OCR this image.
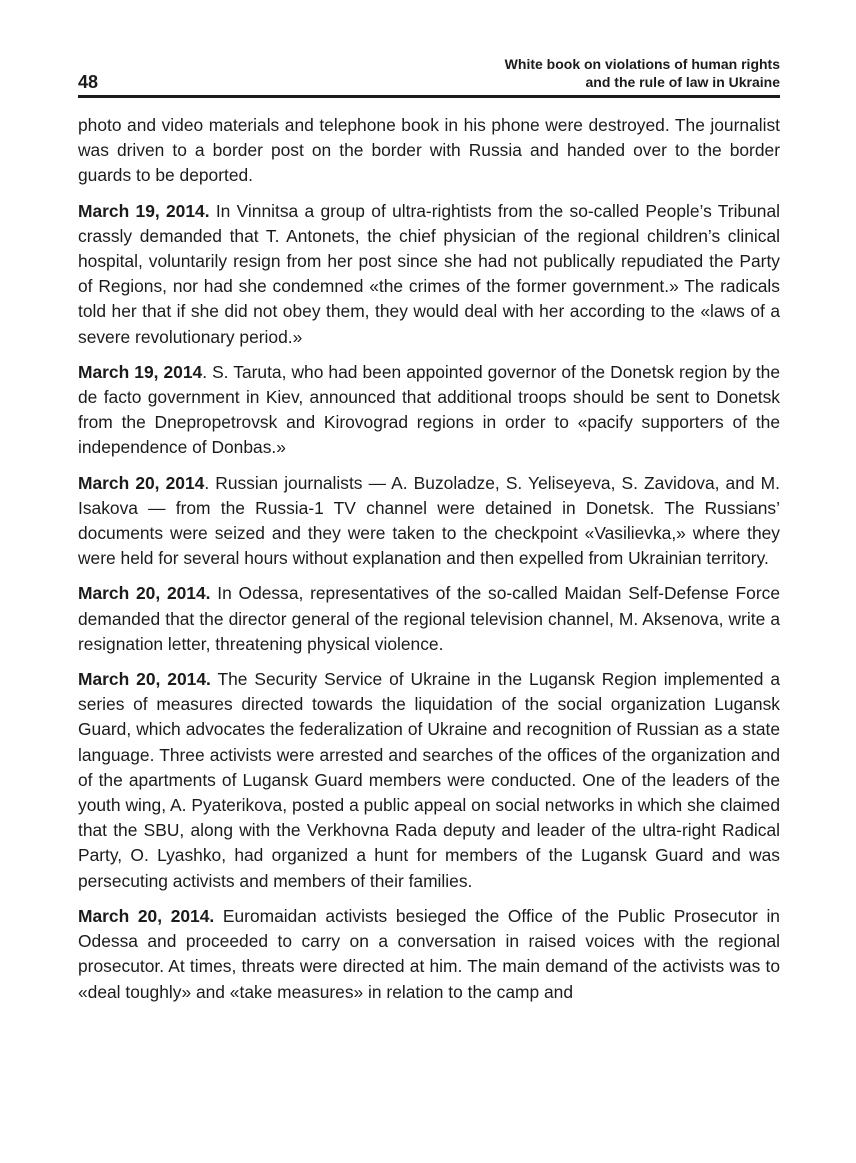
48
White book on violations of human rights
and the rule of law in Ukraine

photo and video materials and telephone book in his phone were destroyed. The journalist was driven to a border post on the border with Russia and handed over to the border guards to be deported.

March 19, 2014. In Vinnitsa a group of ultra-rightists from the so-called People’s Tribunal crassly demanded that T. Antonets, the chief physician of the regional children’s clinical hospital, voluntarily resign from her post since she had not publically repudiated the Party of Regions, nor had she condemned «the crimes of the former government.» The radicals told her that if she did not obey them, they would deal with her according to the «laws of a severe revolutionary period.»

March 19, 2014. S. Taruta, who had been appointed governor of the Donetsk region by the de facto government in Kiev, announced that additional troops should be sent to Donetsk from the Dnepropetrovsk and Kirovograd regions in order to «pacify supporters of the independence of Donbas.»

March 20, 2014. Russian journalists — A. Buzoladze, S. Yeliseyeva, S. Zavidova, and M. Isakova — from the Russia-1 TV channel were detained in Donetsk. The Russians’ documents were seized and they were taken to the checkpoint «Vasilievka,» where they were held for several hours without explanation and then expelled from Ukrainian territory.

March 20, 2014. In Odessa, representatives of the so-called Maidan Self-Defense Force demanded that the director general of the regional television channel, M. Aksenova, write a resignation letter, threatening physical violence.

March 20, 2014. The Security Service of Ukraine in the Lugansk Region implemented a series of measures directed towards the liquidation of the social organization Lugansk Guard, which advocates the federalization of Ukraine and recognition of Russian as a state language. Three activists were arrested and searches of the offices of the organization and of the apartments of Lugansk Guard members were conducted. One of the leaders of the youth wing, A. Pyaterikova, posted a public appeal on social networks in which she claimed that the SBU, along with the Verkhovna Rada deputy and leader of the ultra-right Radical Party, O. Lyashko, had organized a hunt for members of the Lugansk Guard and was persecuting activists and members of their families.

March 20, 2014. Euromaidan activists besieged the Office of the Public Prosecutor in Odessa and proceeded to carry on a conversation in raised voices with the regional prosecutor. At times, threats were directed at him. The main demand of the activists was to «deal toughly» and «take measures» in relation to the camp and
